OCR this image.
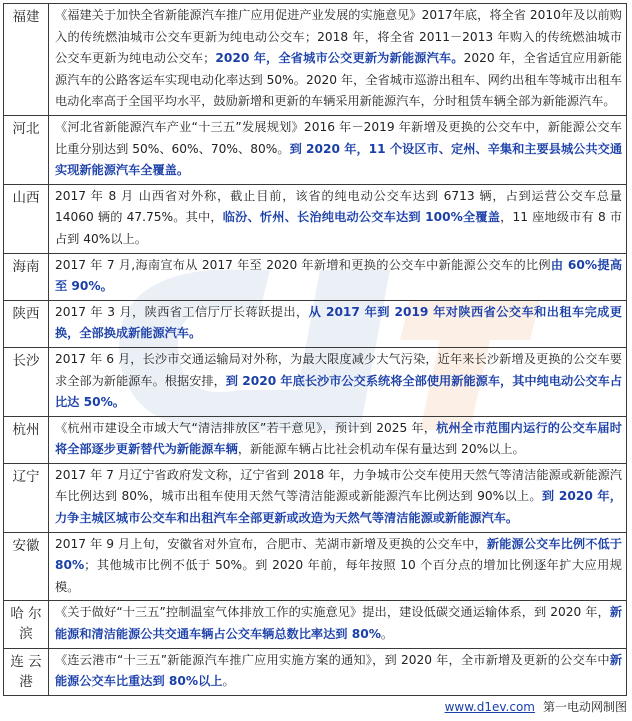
福建	《福建关于加快全省新能源汽车推广应用促进产业发展的实施意见》2017年底，将全省 2010年及以前购入的传统燃油城市公交车更新为纯电动公交车；2018 年，将全省 2011－2013 年购入的传统燃油城市公交车更新为纯电动公交车；2020 年，全省城市公交更新为新能源汽车。2020 年，全省适宜应用新能源汽车的公路客运车实现电动化率达到 50%。2020 年，全省城市巡游出租车、网约出租车等城市出租车电动化率高于全国平均水平，鼓励新增和更新的车辆采用新能源汽车，分时租赁车辆全部为新能源汽车。
河北	《河北省新能源汽车产业“十三五”发展规划》2016 年－2019 年新增及更换的公交车中，新能源公交车比重分别达到 50%、60%、70%、80%。到 2020 年，11 个设区市、定州、辛集和主要县城公共交通实现新能源汽车全覆盖。
山西	2017 年 8 月 山西省对外称，截止目前，该省的纯电动公交车达到 6713 辆，占到运营公交车总量 14060 辆的 47.75%。其中，临汾、忻州、长治纯电动公交车达到 100%全覆盖，11 座地级市有 8 市占到 40%以上。
海南	2017 年 7 月,海南宣布从 2017 年至 2020 年新增和更换的公交车中新能源公交车的比例由 60%提高至 90%。
陕西	2017 年 3 月，陕西省工信厅厅长蒋跃提出，从 2017 年到 2019 年对陕西省公交车和出租车完成更换，全部换成新能源汽车。
长沙	2017 年 6 月，长沙市交通运输局对外称，为最大限度减少大气污染，近年来长沙新增及更换的公交车要求全部为新能源车。根据安排，到 2020 年底长沙市公交系统将全部使用新能源车，其中纯电动公交车占比达 50%。
杭州	《杭州市建设全市域大气“清洁排放区”若干意见》，预计到 2025 年，杭州全市范围内运行的公交车届时将全部逐步更新替代为新能源车辆，新能源车辆占比社会机动车保有量达到 20%以上。
辽宁	2017 年 7 月辽宁省政府发文称，辽宁省到 2018 年，力争城市公交车使用天然气等清洁能源或新能源汽车比例达到 80%，城市出租车使用天然气等清洁能源或新能源汽车比例达到 90%以上。到 2020 年，力争主城区城市公交车和出租汽车全部更新或改造为天然气等清洁能源或新能源汽车。
安徽	2017 年 9 月上旬，安徽省对外宣布，合肥市、芜湖市新增及更换的公交车中，新能源公交车比例不低于 80%；其他城市比例不低于 50%。到 2020 年前，每年按照 10 个百分点的增加比例逐年扩大应用规模。
哈 尔滨	《关于做好“十三五”控制温室气体排放工作的实施意见》提出，建设低碳交通运输体系，到 2020 年，新能源和清洁能源公共交通车辆占公交车辆总数比率达到 80%。
连 云港	《连云港市“十三五”新能源汽车推广应用实施方案的通知》，到 2020 年，全市新增及更新的公交车中新能源公交车比重达到 80%以上。
www.d1ev.com 第一电动网制图
